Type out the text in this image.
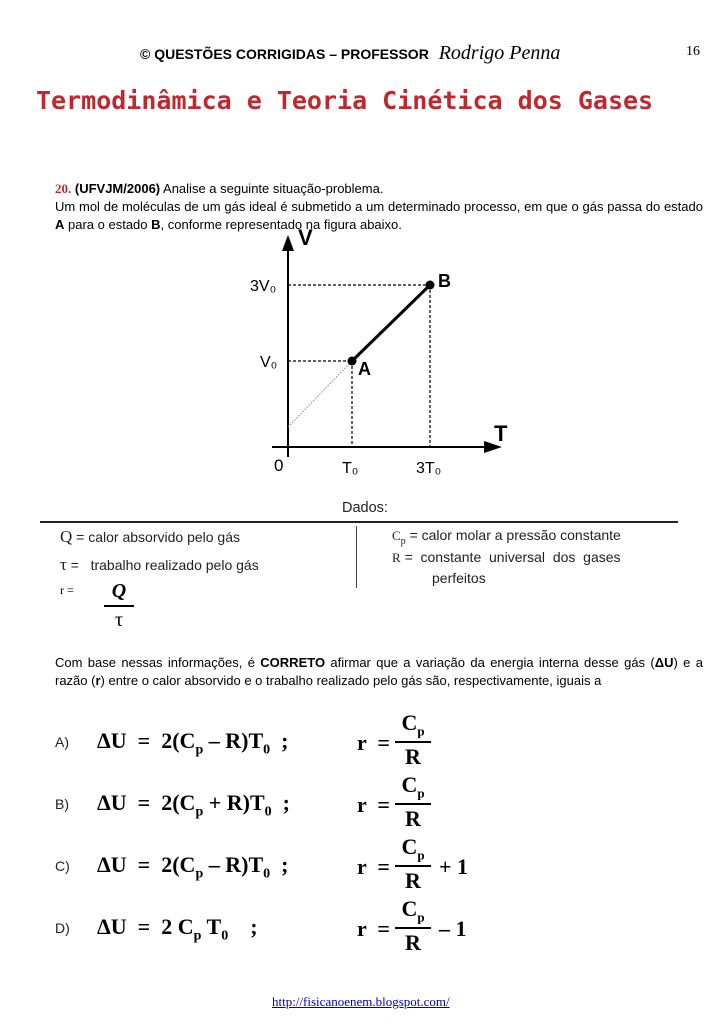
© QUESTÕES CORRIGIDAS – PROFESSOR Rodrigo Penna	16
Termodinâmica e Teoria Cinética dos Gases
20. (UFVJM/2006) Analise a seguinte situação-problema.
Um mol de moléculas de um gás ideal é submetido a um determinado processo, em que o gás passa do estado A para o estado B, conforme representado na figura abaixo.
V
T
0
3V₀
V₀
T₀	3T₀
A
B
Dados:
Q = calor absorvido pelo gás
τ =   trabalho realizado pelo gás
r =	Q
τ
$C_p$ = calor molar a pressão constante
R =  constante  universal  dos  gases
perfeitos
Com base nessas informações, é CORRETO afirmar que a variação da energia interna desse gás (ΔU) e a razão (r) entre o calor absorvido e o trabalho realizado pelo gás são, respectivamente, iguais a
A) $\Delta U = 2(C_p - R)T_0$  ;	r  =
$C_p$
R
B) $\Delta U = 2(C_p + R)T_0$  ;	r  =
$C_p$
R
C) $\Delta U = 2(C_p - R)T_0$  ;	r  =
$C_p$
R
+ 1
D) ΔU  =  2 $C_p$ $T_0$    ;	r  =
$C_p$
R
– 1
http://fisicanoenem.blogspot.com/
